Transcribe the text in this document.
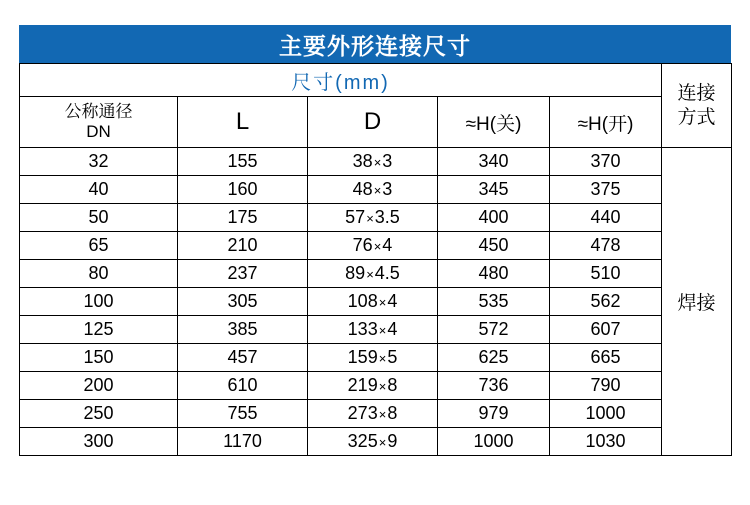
主要外形连接尺寸
尺寸(mm)					连接
方式

公称通径
DN	L	D	≈H(关)	≈H(开)	
32	155	38×3	340	370	焊接
40	160	48×3	345	375	
50	175	57×3.5	400	440	
65	210	76×4	450	478	
80	237	89×4.5	480	510	
100	305	108×4	535	562	
125	385	133×4	572	607	
150	457	159×5	625	665	
200	610	219×8	736	790	
250	755	273×8	979	1000	
300	1170	325×9	1000	1030	
